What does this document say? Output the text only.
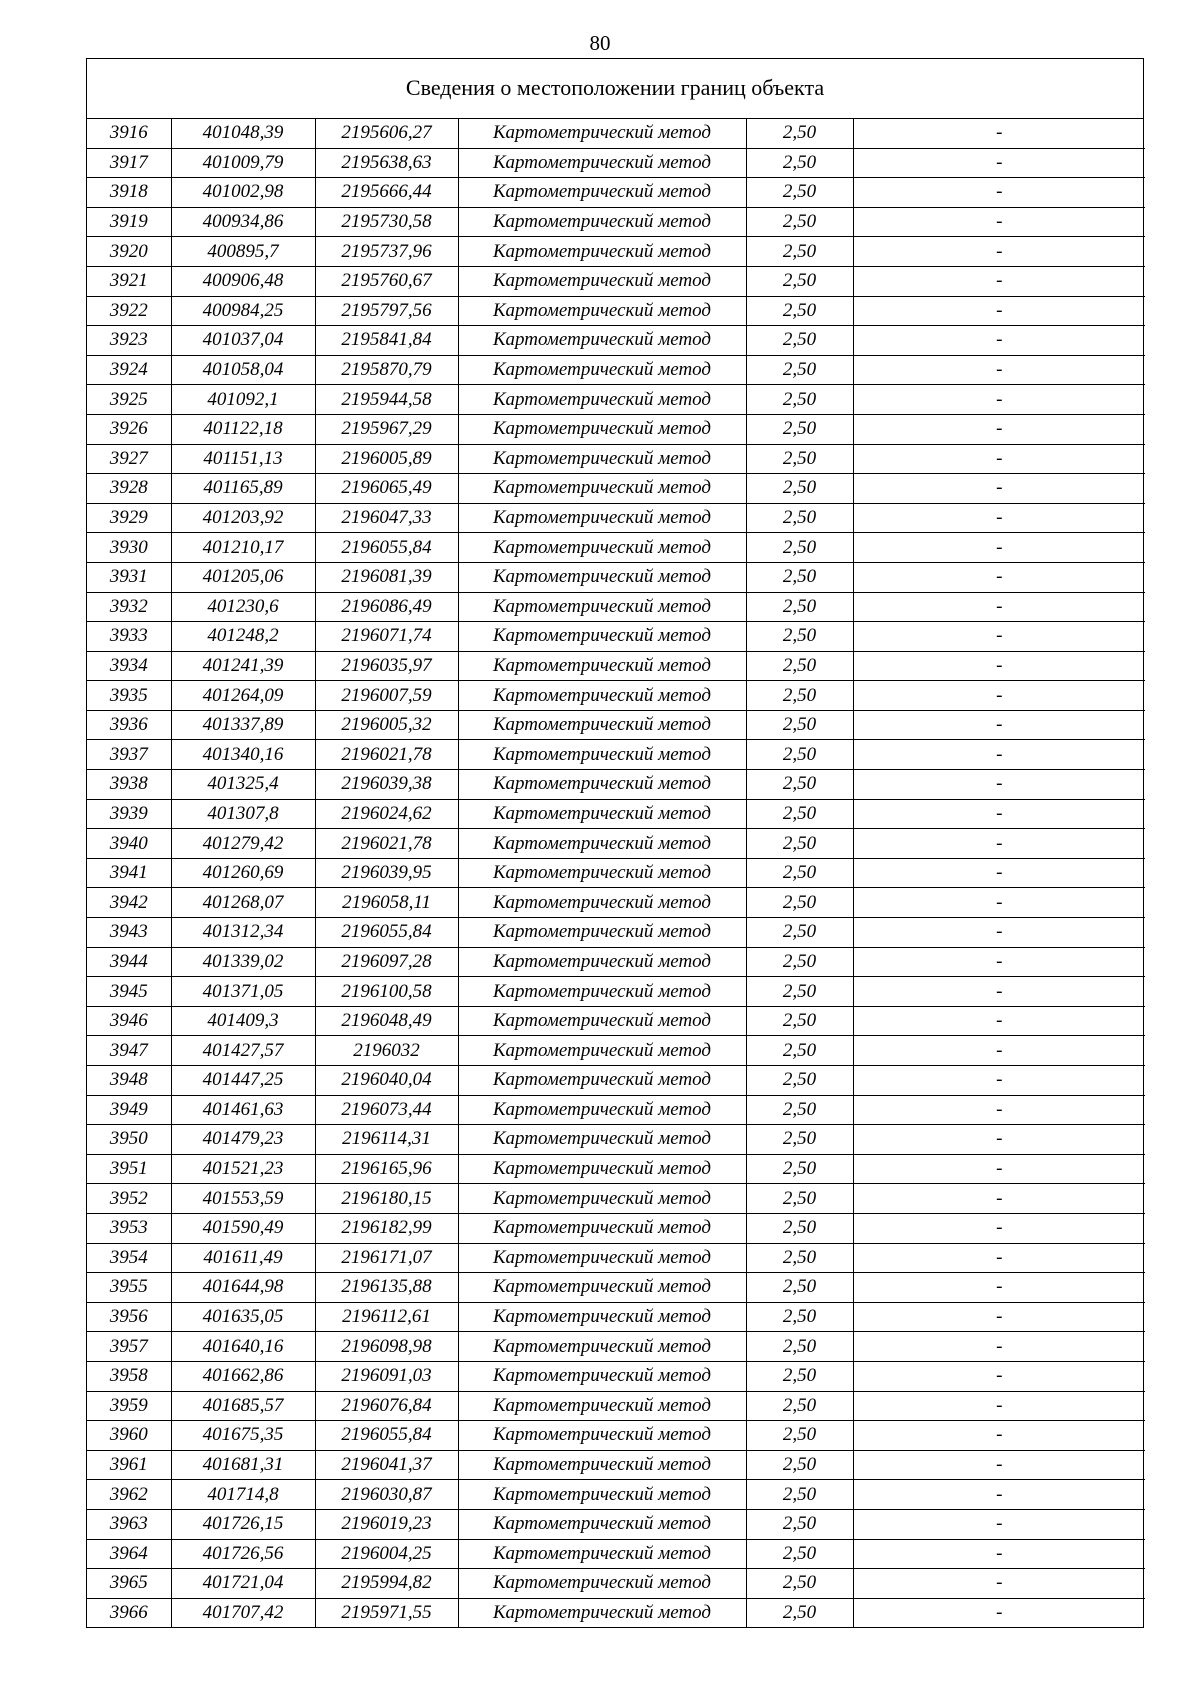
80
Сведения о местоположении границ объекта
3916	401048,39	2195606,27	Картометрический метод	2,50	-
3917	401009,79	2195638,63	Картометрический метод	2,50	-
3918	401002,98	2195666,44	Картометрический метод	2,50	-
3919	400934,86	2195730,58	Картометрический метод	2,50	-
3920	400895,7	2195737,96	Картометрический метод	2,50	-
3921	400906,48	2195760,67	Картометрический метод	2,50	-
3922	400984,25	2195797,56	Картометрический метод	2,50	-
3923	401037,04	2195841,84	Картометрический метод	2,50	-
3924	401058,04	2195870,79	Картометрический метод	2,50	-
3925	401092,1	2195944,58	Картометрический метод	2,50	-
3926	401122,18	2195967,29	Картометрический метод	2,50	-
3927	401151,13	2196005,89	Картометрический метод	2,50	-
3928	401165,89	2196065,49	Картометрический метод	2,50	-
3929	401203,92	2196047,33	Картометрический метод	2,50	-
3930	401210,17	2196055,84	Картометрический метод	2,50	-
3931	401205,06	2196081,39	Картометрический метод	2,50	-
3932	401230,6	2196086,49	Картометрический метод	2,50	-
3933	401248,2	2196071,74	Картометрический метод	2,50	-
3934	401241,39	2196035,97	Картометрический метод	2,50	-
3935	401264,09	2196007,59	Картометрический метод	2,50	-
3936	401337,89	2196005,32	Картометрический метод	2,50	-
3937	401340,16	2196021,78	Картометрический метод	2,50	-
3938	401325,4	2196039,38	Картометрический метод	2,50	-
3939	401307,8	2196024,62	Картометрический метод	2,50	-
3940	401279,42	2196021,78	Картометрический метод	2,50	-
3941	401260,69	2196039,95	Картометрический метод	2,50	-
3942	401268,07	2196058,11	Картометрический метод	2,50	-
3943	401312,34	2196055,84	Картометрический метод	2,50	-
3944	401339,02	2196097,28	Картометрический метод	2,50	-
3945	401371,05	2196100,58	Картометрический метод	2,50	-
3946	401409,3	2196048,49	Картометрический метод	2,50	-
3947	401427,57	2196032	Картометрический метод	2,50	-
3948	401447,25	2196040,04	Картометрический метод	2,50	-
3949	401461,63	2196073,44	Картометрический метод	2,50	-
3950	401479,23	2196114,31	Картометрический метод	2,50	-
3951	401521,23	2196165,96	Картометрический метод	2,50	-
3952	401553,59	2196180,15	Картометрический метод	2,50	-
3953	401590,49	2196182,99	Картометрический метод	2,50	-
3954	401611,49	2196171,07	Картометрический метод	2,50	-
3955	401644,98	2196135,88	Картометрический метод	2,50	-
3956	401635,05	2196112,61	Картометрический метод	2,50	-
3957	401640,16	2196098,98	Картометрический метод	2,50	-
3958	401662,86	2196091,03	Картометрический метод	2,50	-
3959	401685,57	2196076,84	Картометрический метод	2,50	-
3960	401675,35	2196055,84	Картометрический метод	2,50	-
3961	401681,31	2196041,37	Картометрический метод	2,50	-
3962	401714,8	2196030,87	Картометрический метод	2,50	-
3963	401726,15	2196019,23	Картометрический метод	2,50	-
3964	401726,56	2196004,25	Картометрический метод	2,50	-
3965	401721,04	2195994,82	Картометрический метод	2,50	-
3966	401707,42	2195971,55	Картометрический метод	2,50	-
